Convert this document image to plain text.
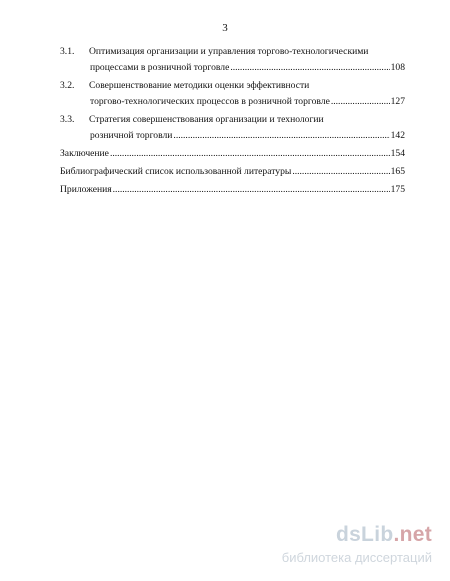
3
3.1.	Оптимизация организации и управления торгово-технологическими
процессами в розничной торговле .....	108
3.2.	Совершенствование методики оценки эффективности
торгово-технологических процессов в розничной торговле .....	127
3.3.	Стратегия совершенствования организации и технологии
розничной торговли .....	142
Заключение .....	154
Библиографический список использованной литературы .....	165
Приложения .....	175
dsLib.net
библиотека диссертаций
